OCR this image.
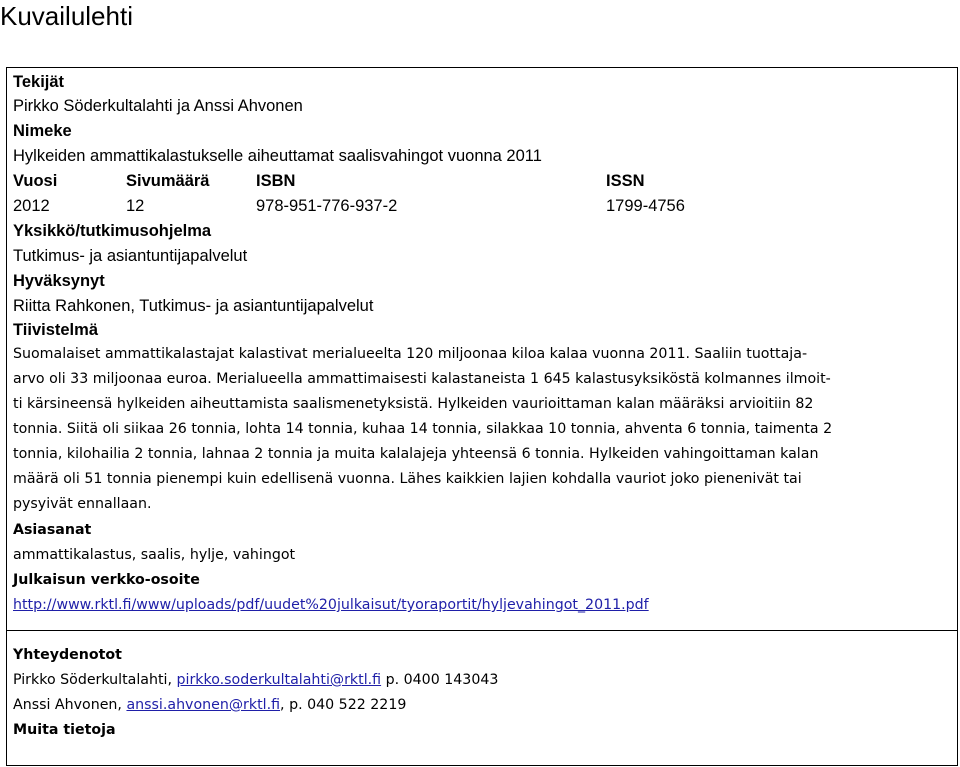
Kuvailulehti
Tekijät
Pirkko Söderkultalahti ja Anssi Ahvonen
Nimeke
Hylkeiden ammattikalastukselle aiheuttamat saalisvahingot vuonna 2011
Vuosi
2012
Sivumäärä
12
ISBN
978-951-776-937-2
ISSN
1799-4756
Yksikkö/tutkimusohjelma
Tutkimus- ja asiantuntijapalvelut
Hyväksynyt
Riitta Rahkonen, Tutkimus- ja asiantuntijapalvelut
Tiivistelmä
Suomalaiset ammattikalastajat kalastivat merialueelta 120 miljoonaa kiloa kalaa vuonna 2011. Saaliin tuottaja-
arvo oli 33 miljoonaa euroa. Merialueella ammattimaisesti kalastaneista 1 645 kalastusyksiköstä kolmannes ilmoit-
ti kärsineensä hylkeiden aiheuttamista saalismenetyksistä. Hylkeiden vaurioittaman kalan määräksi arvioitiin 82
tonnia. Siitä oli siikaa 26 tonnia, lohta 14 tonnia, kuhaa 14 tonnia, silakkaa 10 tonnia, ahventa 6 tonnia, taimenta 2
tonnia, kilohailia 2 tonnia, lahnaa 2 tonnia ja muita kalalajeja yhteensä 6 tonnia. Hylkeiden vahingoittaman kalan
määrä oli 51 tonnia pienempi kuin edellisenä vuonna. Lähes kaikkien lajien kohdalla vauriot joko pienenivät tai
pysyivät ennallaan.
Asiasanat
ammattikalastus, saalis, hylje, vahingot
Julkaisun verkko-osoite
http://www.rktl.fi/www/uploads/pdf/uudet%20julkaisut/tyoraportit/hyljevahingot_2011.pdf
Yhteydenotot
Pirkko Söderkultalahti, pirkko.soderkultalahti@rktl.fi p. 0400 143043
Anssi Ahvonen, anssi.ahvonen@rktl.fi, p. 040 522 2219
Muita tietoja
